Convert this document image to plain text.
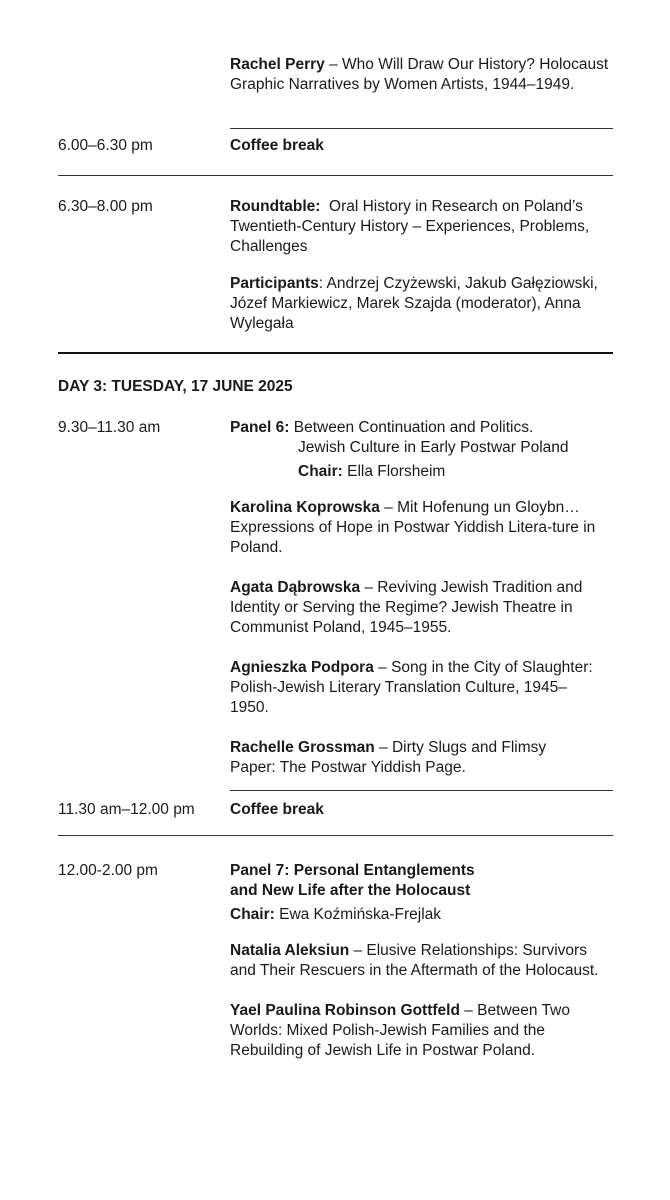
Rachel Perry – Who Will Draw Our History? Holocaust Graphic Narratives by Women Artists, 1944–1949.

6.00–6.30 pm	Coffee break
6.30–8.00 pm	Roundtable:  Oral History in Research on Poland’s Twentieth-Century History – Experiences, Problems, Challenges

Participants: Andrzej Czyżewski, Jakub Gałęziowski, Józef Markiewicz, Marek Szajda (moderator), Anna Wylegała

DAY 3: TUESDAY, 17 JUNE 2025
9.30–11.30 am	Panel 6: Between Continuation and Politics.

Jewish Culture in Early Postwar Poland

Chair: Ella Florsheim

Karolina Koprowska – Mit Hofenung un Gloybn… Expressions of Hope in Postwar Yiddish Litera-ture in Poland.

Agata Dąbrowska – Reviving Jewish Tradition and Identity or Serving the Regime? Jewish Theatre in Communist Poland, 1945–1955.

Agnieszka Podpora – Song in the City of Slaughter: Polish-Jewish Literary Translation Culture, 1945–1950.

Rachelle Grossman – Dirty Slugs and Flimsy Paper: The Postwar Yiddish Page.

11.30 am–12.00 pm Coffee break
12.00-2.00 pm	Panel 7: Personal Entanglements

and New Life after the Holocaust

Chair: Ewa Koźmińska-Frejlak

Natalia Aleksiun – Elusive Relationships: Survivors and Their Rescuers in the Aftermath of the Holocaust.

Yael Paulina Robinson Gottfeld – Between Two Worlds: Mixed Polish-Jewish Families and the Rebuilding of Jewish Life in Postwar Poland.
